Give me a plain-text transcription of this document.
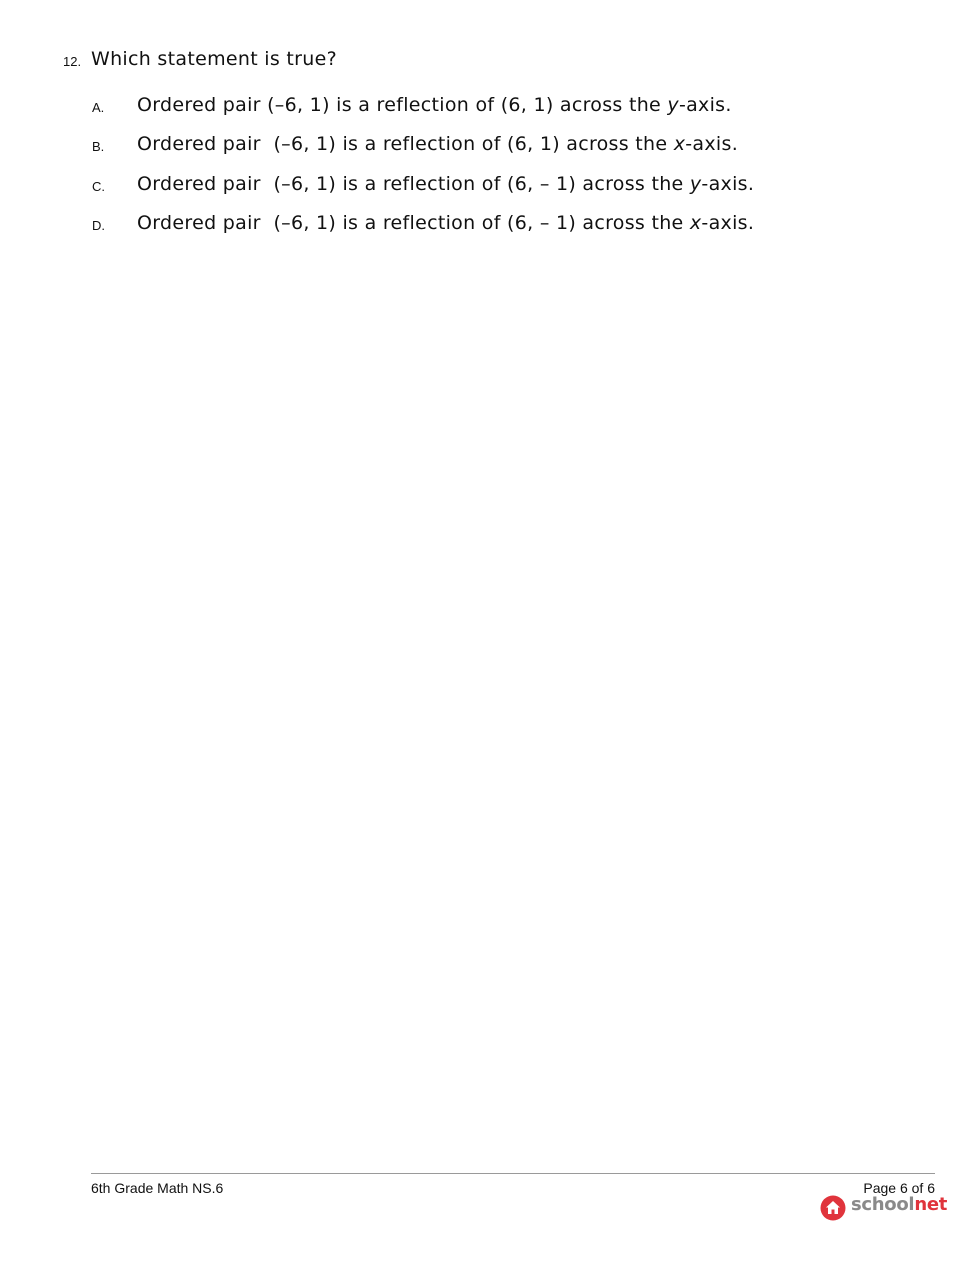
12. Which statement is true?
A. Ordered pair (–6, 1) is a reflection of (6, 1) across the y-axis.
B. Ordered pair  (–6, 1) is a reflection of (6, 1) across the x-axis.
C. Ordered pair  (–6, 1) is a reflection of (6, – 1) across the y-axis.
D. Ordered pair  (–6, 1) is a reflection of (6, – 1) across the x-axis.
6th Grade Math NS.6	Page 6 of 6
schoolnet
